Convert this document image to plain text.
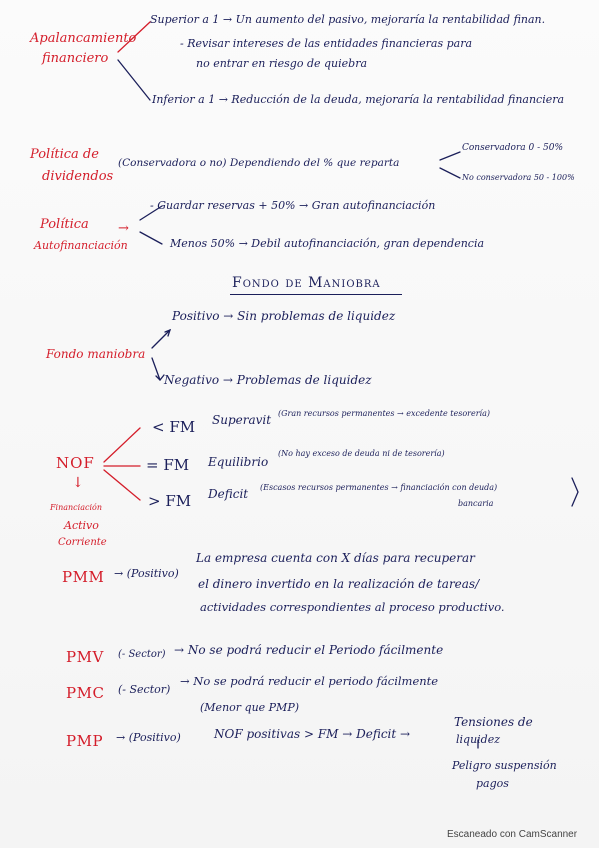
Apalancamiento
financiero
Superior a 1 → Un aumento del pasivo, mejoraría la rentabilidad finan.
- Revisar intereses de las entidades financieras para
no entrar en riesgo de quiebra
Inferior a 1 → Reducción de la deuda, mejoraría la rentabilidad financiera
Política de
dividendos
(Conservadora o no) Dependiendo del % que reparta
Conservadora 0 - 50%
No conservadora 50 - 100%
Política
Autofinanciación
→
- Guardar reservas + 50% → Gran autofinanciación
Menos 50% → Debil autofinanciación, gran dependencia
Fondo de Maniobra
Fondo maniobra
Positivo → Sin problemas de liquidez
Negativo → Problemas de liquidez
NOF
↓
Financiación
Activo
Corriente
< FM Superavit (Gran recursos permanentes → excedente tesorería)
= FM Equilibrio
(No hay exceso de deuda ni de tesorería)
> FM Deficit (Escasos recursos permanentes → financiación con deuda)
bancaria
PMM → (Positivo)
La empresa cuenta con X días para recuperar
el dinero invertido en la realización de tareas/
actividades correspondientes al proceso productivo.
PMV (- Sector) → No se podrá reducir el Periodo fácilmente
PMC (- Sector)
→ No se podrá reducir el periodo fácilmente
(Menor que PMP)
PMP → (Positivo)	NOF positivas > FM → Deficit →
Tensiones de
liquidez
Peligro suspensión
pagos
Escaneado con CamScanner
